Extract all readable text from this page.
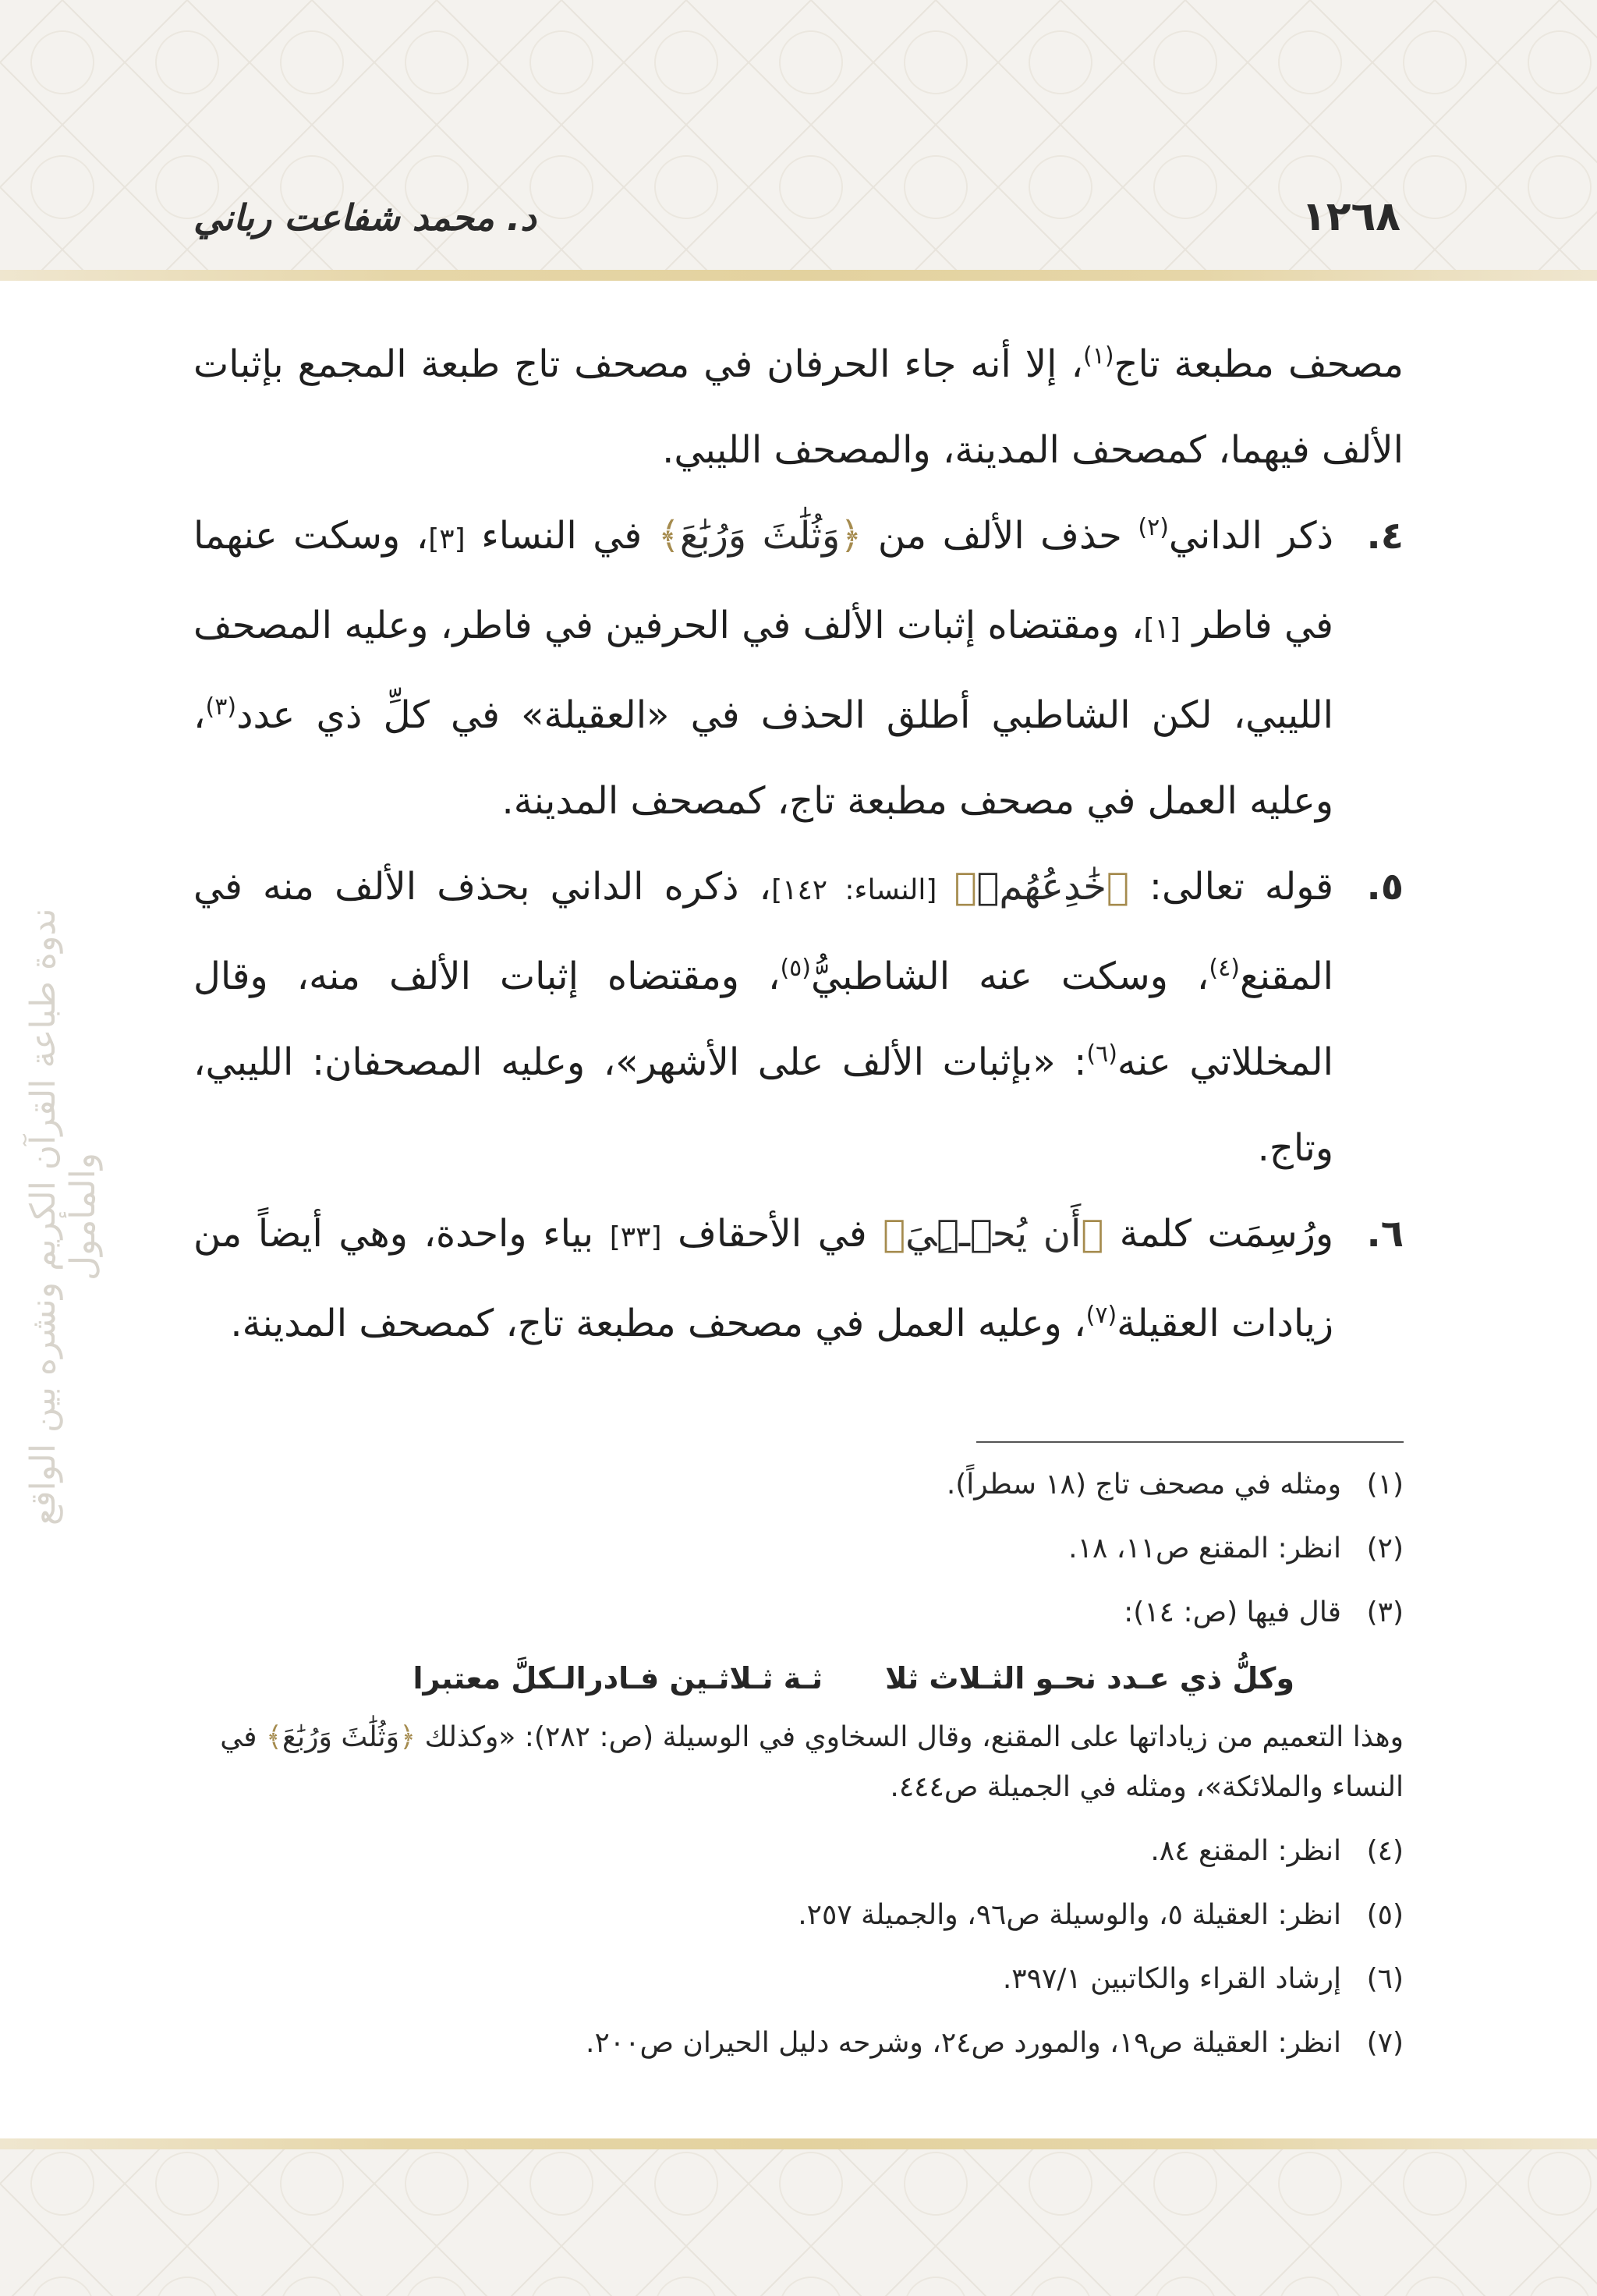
١٢٦٨
د. محمد شفاعت رباني
ندوة طباعة القرآن الكريم ونشره بين الواقع والمأمول

مصحف مطبعة تاج$^{(١)}$، إلا أنه جاء الحرفان في مصحف تاج طبعة المجمع بإثبات الألف فيهما، كمصحف المدينة، والمصحف الليبي.

٤.
ذكر الداني$^{(٢)}$ حذف الألف من ﴿وَثُلَٰثَ وَرُبَٰعَ﴾ في النساء [٣]، وسكت عنهما في فاطر [١]، ومقتضاه إثبات الألف في الحرفين في فاطر، وعليه المصحف الليبي، لكن الشاطبي أطلق الحذف في «العقيلة» في كلِّ ذي عدد$^{(٣)}$، وعليه العمل في مصحف مطبعة تاج، كمصحف المدينة.

٥.
قوله تعالى: ﴿خَٰدِعُهُمۡ﴾ [النساء: ١٤٢]، ذكره الداني بحذف الألف منه في المقنع$^{(٤)}$، وسكت عنه الشاطبيُّ$^{(٥)}$، ومقتضاه إثبات الألف منه، وقال المخللاتي عنه$^{(٦)}$: «بإثبات الألف على الأشهر»، وعليه المصحفان: الليبي، وتاج.

٦.
ورُسِمَت كلمة ﴿أَن يُحۡـِۧيَ﴾ في الأحقاف [٣٣] بياء واحدة، وهي أيضاً من زيادات العقيلة$^{(٧)}$، وعليه العمل في مصحف مطبعة تاج، كمصحف المدينة.

(١)
ومثله في مصحف تاج (١٨ سطراً).

(٢)
انظر: المقنع ص١١، ١٨.

(٣)
قال فيها (ص: ١٤):

وكلُّ ذي عـدد نحـو الثـلاث ثلا
ثـة ثـلاثـين فـادرالـكلَّ معتبرا

وهذا التعميم من زياداتها على المقنع، وقال السخاوي في الوسيلة (ص: ٢٨٢): «وكذلك ﴿وَثُلَٰثَ وَرُبَٰعَ﴾ في النساء والملائكة»، ومثله في الجميلة ص٤٤٤.

(٤)
انظر: المقنع ٨٤.

(٥)
انظر: العقيلة ٥، والوسيلة ص٩٦، والجميلة ٢٥٧.

(٦)
إرشاد القراء والكاتبين ٣٩٧/١.

(٧)
انظر: العقيلة ص١٩، والمورد ص٢٤، وشرحه دليل الحيران ص٢٠٠.
